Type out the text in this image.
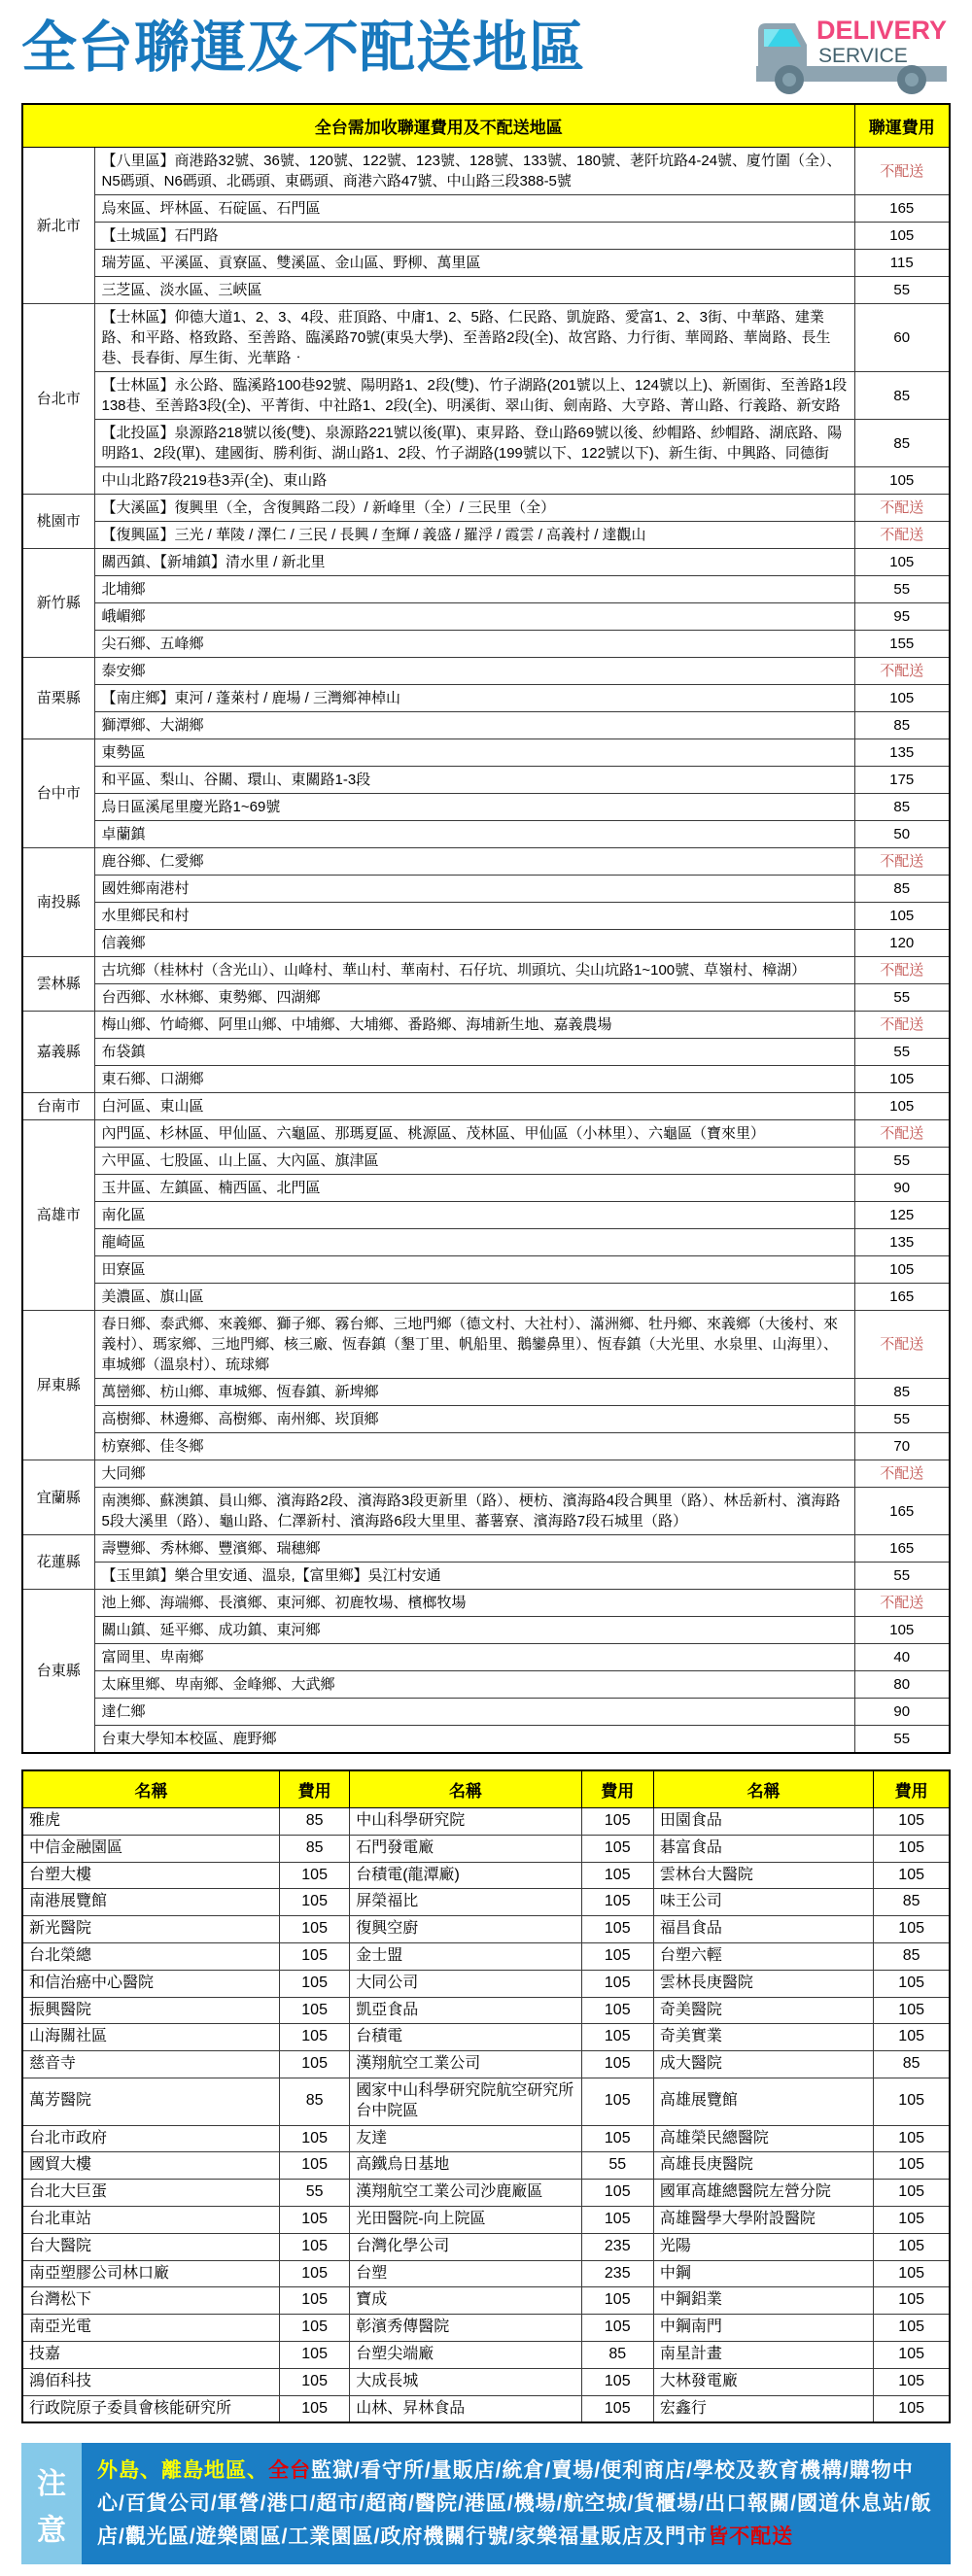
全台聯運及不配送地區	DELIVERY
SERVICE
全台需加收聯運費用及不配送地區		聯運費用
新北市	【八里區】商港路32號、36號、120號、122號、123號、128號、133號、180號、荖阡坑路4-24號、廈竹圍（全）、N5碼頭、N6碼頭、北碼頭、東碼頭、商港六路47號、中山路三段388-5號	不配送
	烏來區、坪林區、石碇區、石門區	165
	【土城區】石門路	105
	瑞芳區、平溪區、貢寮區、雙溪區、金山區、野柳、萬里區	115
	三芝區、淡水區、三峽區	55
台北市	【士林區】仰德大道1、2、3、4段、莊頂路、中庸1、2、5路、仁民路、凱旋路、愛富1、2、3街、中華路、建業路、和平路、格致路、至善路、臨溪路70號(東吳大學)、至善路2段(全)、故宮路、力行街、華岡路、華崗路、長生巷、長春街、厚生街、光華路‧	60
	【士林區】永公路、臨溪路100巷92號、陽明路1、2段(雙)、竹子湖路(201號以上、124號以上)、新園街、至善路1段138巷、至善路3段(全)、平菁街、中社路1、2段(全)、明溪街、翠山街、劍南路、大亨路、菁山路、行義路、新安路	85
	【北投區】泉源路218號以後(雙)、泉源路221號以後(單)、東昇路、登山路69號以後、紗帽路、紗帽路、湖底路、陽明路1、2段(單)、建國街、勝利街、湖山路1、2段、竹子湖路(199號以下、122號以下)、新生街、中興路、同德街	85
	中山北路7段219巷3弄(全)、東山路	105
桃園市	【大溪區】復興里（全，含復興路二段）/ 新峰里（全）/ 三民里（全）	不配送
	【復興區】三光 / 華陵 / 澤仁 / 三民 / 長興 / 奎輝 / 義盛 / 羅浮 / 霞雲 / 高義村 / 達觀山	不配送
新竹縣	關西鎮、【新埔鎮】清水里 / 新北里	105
	北埔鄉	55
	峨嵋鄉	95
	尖石鄉、五峰鄉	155
苗栗縣	泰安鄉	不配送
	【南庄鄉】東河 / 蓬萊村 / 鹿場 / 三灣鄉神棹山	105
	獅潭鄉、大湖鄉	85
台中市	東勢區	135
	和平區、梨山、谷關、環山、東關路1-3段	175
	烏日區溪尾里慶光路1~69號	85
	卓蘭鎮	50
南投縣	鹿谷鄉、仁愛鄉	不配送
	國姓鄉南港村	85
	水里鄉民和村	105
	信義鄉	120
雲林縣	古坑鄉（桂林村（含光山）、山峰村、華山村、華南村、石仔坑、圳頭坑、尖山坑路1~100號、草嶺村、樟湖）	不配送
	台西鄉、水林鄉、東勢鄉、四湖鄉	55
嘉義縣	梅山鄉、竹崎鄉、阿里山鄉、中埔鄉、大埔鄉、番路鄉、海埔新生地、嘉義農場	不配送
	布袋鎮	55
	東石鄉、口湖鄉	105
台南市	白河區、東山區	105
高雄市	內門區、杉林區、甲仙區、六龜區、那瑪夏區、桃源區、茂林區、甲仙區（小林里）、六龜區（寶來里）	不配送
	六甲區、七股區、山上區、大內區、旗津區	55
	玉井區、左鎮區、楠西區、北門區	90
	南化區	125
	龍崎區	135
	田寮區	105
	美濃區、旗山區	165
屏東縣	春日鄉、泰武鄉、來義鄉、獅子鄉、霧台鄉、三地門鄉（德文村、大社村）、滿洲鄉、牡丹鄉、來義鄉（大後村、來義村）、瑪家鄉、三地門鄉、核三廠、恆春鎮（墾丁里、帆船里、鵝鑾鼻里）、恆春鎮（大光里、水泉里、山海里）、車城鄉（溫泉村）、琉球鄉	不配送
	萬巒鄉、枋山鄉、車城鄉、恆春鎮、新埤鄉	85
	高樹鄉、林邊鄉、高樹鄉、南州鄉、崁頂鄉	55
	枋寮鄉、佳冬鄉	70
宜蘭縣	大同鄉	不配送
	南澳鄉、蘇澳鎮、員山鄉、濱海路2段、濱海路3段更新里（路）、梗枋、濱海路4段合興里（路）、林岳新村、濱海路5段大溪里（路）、龜山路、仁澤新村、濱海路6段大里里、蕃薯寮、濱海路7段石城里（路）	165
花蓮縣	壽豐鄉、秀林鄉、豐濱鄉、瑞穗鄉	165
	【玉里鎮】樂合里安通、溫泉,【富里鄉】吳江村安通	55
台東縣	池上鄉、海端鄉、長濱鄉、東河鄉、初鹿牧場、檳榔牧場	不配送
	關山鎮、延平鄉、成功鎮、東河鄉	105
	富岡里、卑南鄉	40
	太麻里鄉、卑南鄉、金峰鄉、大武鄉	80
	達仁鄉	90
	台東大學知本校區、鹿野鄉	55
名稱	費用	名稱	費用	名稱	費用
雅虎	85	中山科學研究院	105	田園食品	105
中信金融園區	85	石門發電廠	105	碁富食品	105
台塑大樓	105	台積電(龍潭廠)	105	雲林台大醫院	105
南港展覽館	105	屏榮福比	105	味王公司	85
新光醫院	105	復興空廚	105	福昌食品	105
台北榮總	105	金士盟	105	台塑六輕	85
和信治癌中心醫院	105	大同公司	105	雲林長庚醫院	105
振興醫院	105	凱亞食品	105	奇美醫院	105
山海關社區	105	台積電	105	奇美實業	105
慈音寺	105	漢翔航空工業公司	105	成大醫院	85
萬芳醫院	85	國家中山科學研究院航空研究所台中院區	105	高雄展覽館	105
台北市政府	105	友達	105	高雄榮民總醫院	105
國貿大樓	105	高鐵烏日基地	55	高雄長庚醫院	105
台北大巨蛋	55	漢翔航空工業公司沙鹿廠區	105	國軍高雄總醫院左營分院	105
台北車站	105	光田醫院-向上院區	105	高雄醫學大學附設醫院	105
台大醫院	105	台灣化學公司	235	光陽	105
南亞塑膠公司林口廠	105	台塑	235	中鋼	105
台灣松下	105	寶成	105	中鋼鋁業	105
南亞光電	105	彰濱秀傳醫院	105	中鋼南門	105
技嘉	105	台塑尖端廠	85	南星計畫	105
鴻佰科技	105	大成長城	105	大林發電廠	105
行政院原子委員會核能研究所	105	山林、昇林食品	105	宏鑫行	105
注
意
外島、離島地區、全台監獄/看守所/量販店/統倉/賣場/便利商店/學校及教育機構/購物中心/百貨公司/軍營/港口/超市/超商/醫院/港區/機場/航空城/貨櫃場/出口報關/國道休息站/飯店/觀光區/遊樂園區/工業園區/政府機關行號/家樂福量販店及門市皆不配送
